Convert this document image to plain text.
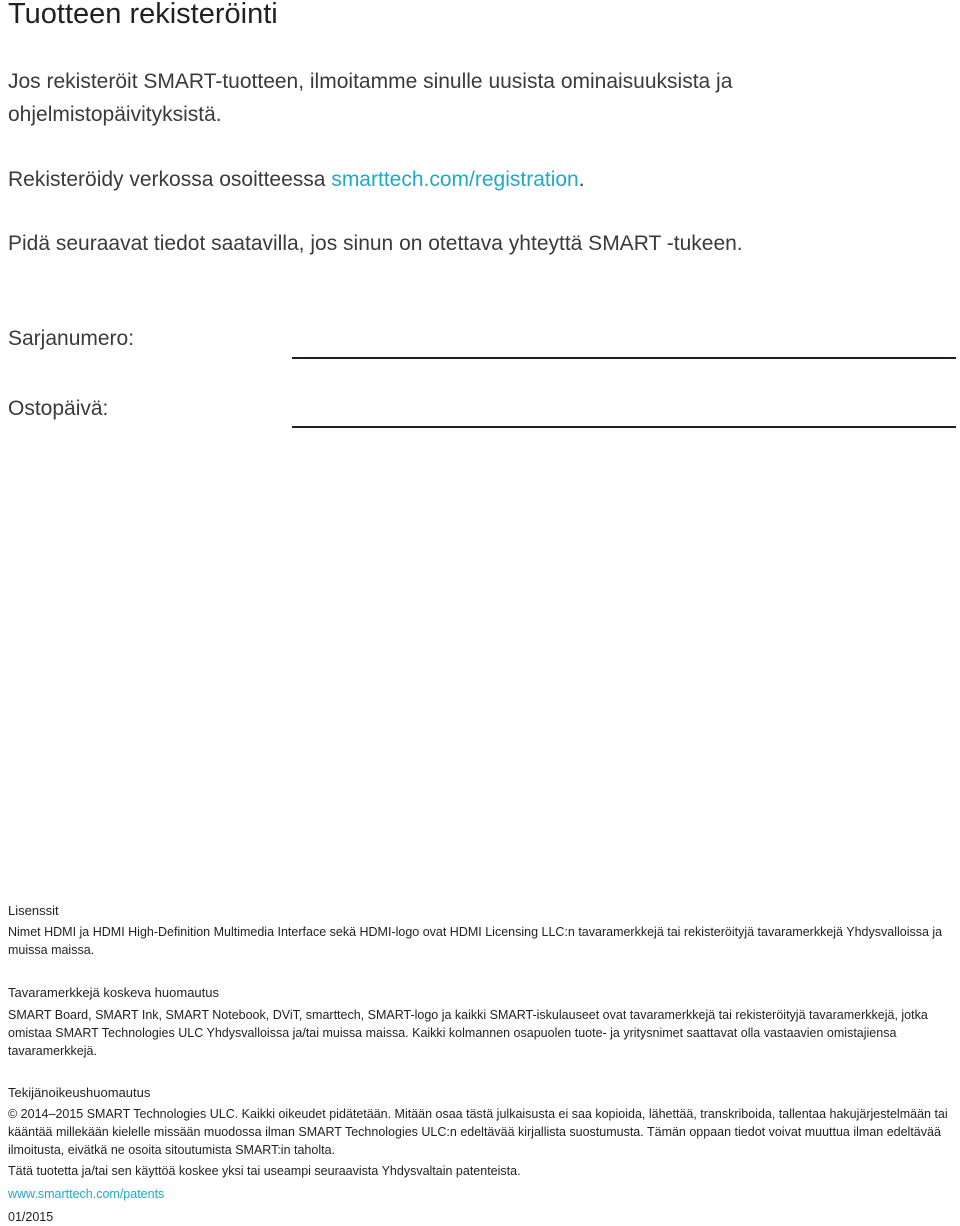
Tuotteen rekisteröinti

Jos rekisteröit SMART-tuotteen, ilmoitamme sinulle uusista ominaisuuksista ja ohjelmistopäivityksistä.

Rekisteröidy verkossa osoitteessa smarttech.com/registration.

Pidä seuraavat tiedot saatavilla, jos sinun on otettava yhteyttä SMART -tukeen.

Sarjanumero:
Ostopäivä:
Lisenssit

Nimet HDMI ja HDMI High-Definition Multimedia Interface sekä HDMI-logo ovat HDMI Licensing LLC:n tavaramerkkejä tai rekisteröityjä tavaramerkkejä Yhdysvalloissa ja muissa maissa.

Tavaramerkkejä koskeva huomautus

SMART Board, SMART Ink, SMART Notebook, DViT, smarttech, SMART-logo ja kaikki SMART-iskulauseet ovat tavaramerkkejä tai rekisteröityjä tavaramerkkejä, jotka omistaa SMART Technologies ULC Yhdysvalloissa ja/tai muissa maissa. Kaikki kolmannen osapuolen tuote- ja yritysnimet saattavat olla vastaavien omistajiensa tavaramerkkejä.

Tekijänoikeushuomautus

© 2014–2015 SMART Technologies ULC. Kaikki oikeudet pidätetään. Mitään osaa tästä julkaisusta ei saa kopioida, lähettää, transkriboida, tallentaa hakujärjestelmään tai kääntää millekään kielelle missään muodossa ilman SMART Technologies ULC:n edeltävää kirjallista suostumusta. Tämän oppaan tiedot voivat muuttua ilman edeltävää ilmoitusta, eivätkä ne osoita sitoutumista SMART:in taholta.

Tätä tuotetta ja/tai sen käyttöä koskee yksi tai useampi seuraavista Yhdysvaltain patenteista.

www.smarttech.com/patents
01/2015
